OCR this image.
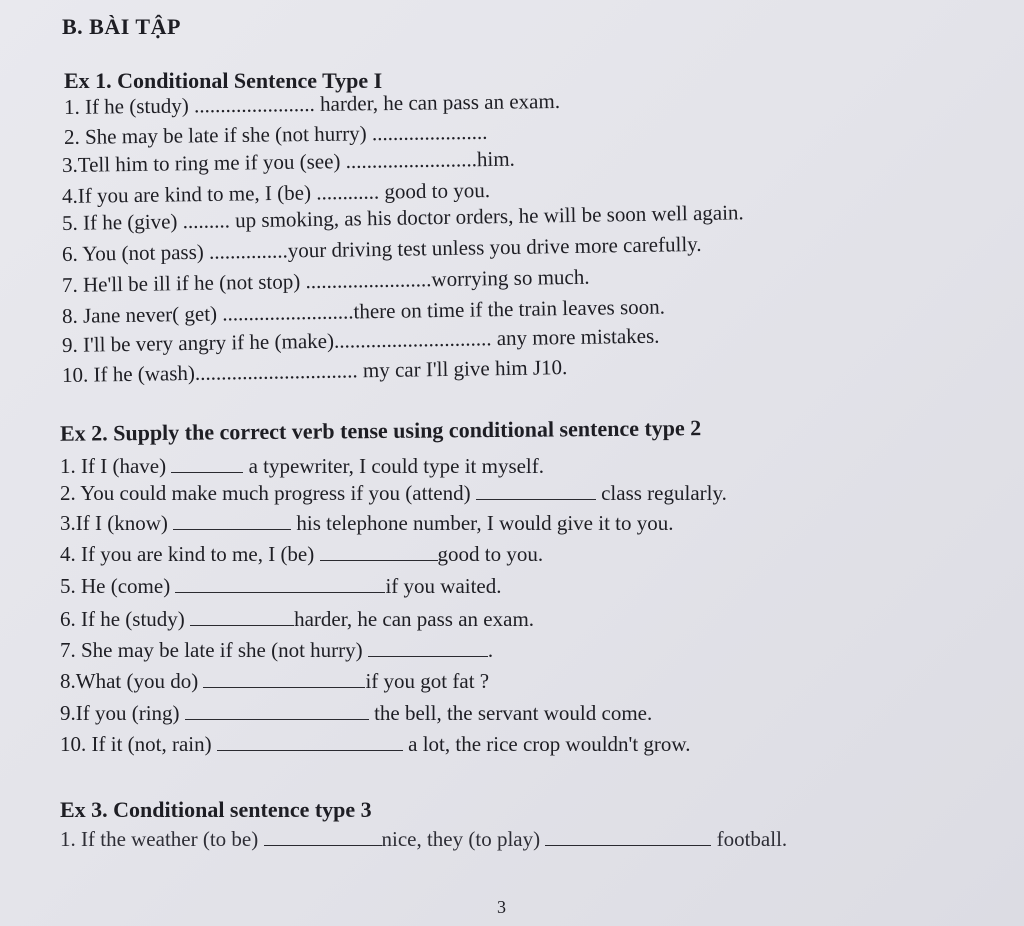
B. BÀI TẬP
Ex 1. Conditional Sentence Type I
1. If he (study) ....................... harder, he can pass an exam.
2. She may be late if she (not hurry) ......................
3.Tell him to ring me if you (see) .........................him.
4.If you are kind to me, I (be) ............ good to you.
5. If he (give) ......... up smoking, as his doctor orders, he will be soon well again.
6. You (not pass) ...............your driving test unless you drive more carefully.
7. He'll be ill if he (not stop) ........................worrying so much.
8. Jane never( get) .........................there on time if the train leaves soon.
9. I'll be very angry if he (make).............................. any more mistakes.
10. If he (wash)............................... my car I'll give him J10.
Ex 2. Supply the correct verb tense using conditional sentence type 2
1. If I (have)	a typewriter, I could type it myself.
2. You could make much progress if you (attend)	class regularly.
3.If I (know)	his telephone number, I would give it to you.
4. If you are kind to me, I (be)	good to you.
5. He (come)	if you waited.
6. If he (study)	harder, he can pass an exam.
7. She may be late if she (not hurry)	.
8.What (you do)	if you got fat ?
9.If you (ring)	the bell, the servant would come.
10. If it (not, rain)	a lot, the rice crop wouldn't grow.
Ex 3. Conditional sentence type 3
1. If the weather (to be)	nice, they (to play)	football.
3
